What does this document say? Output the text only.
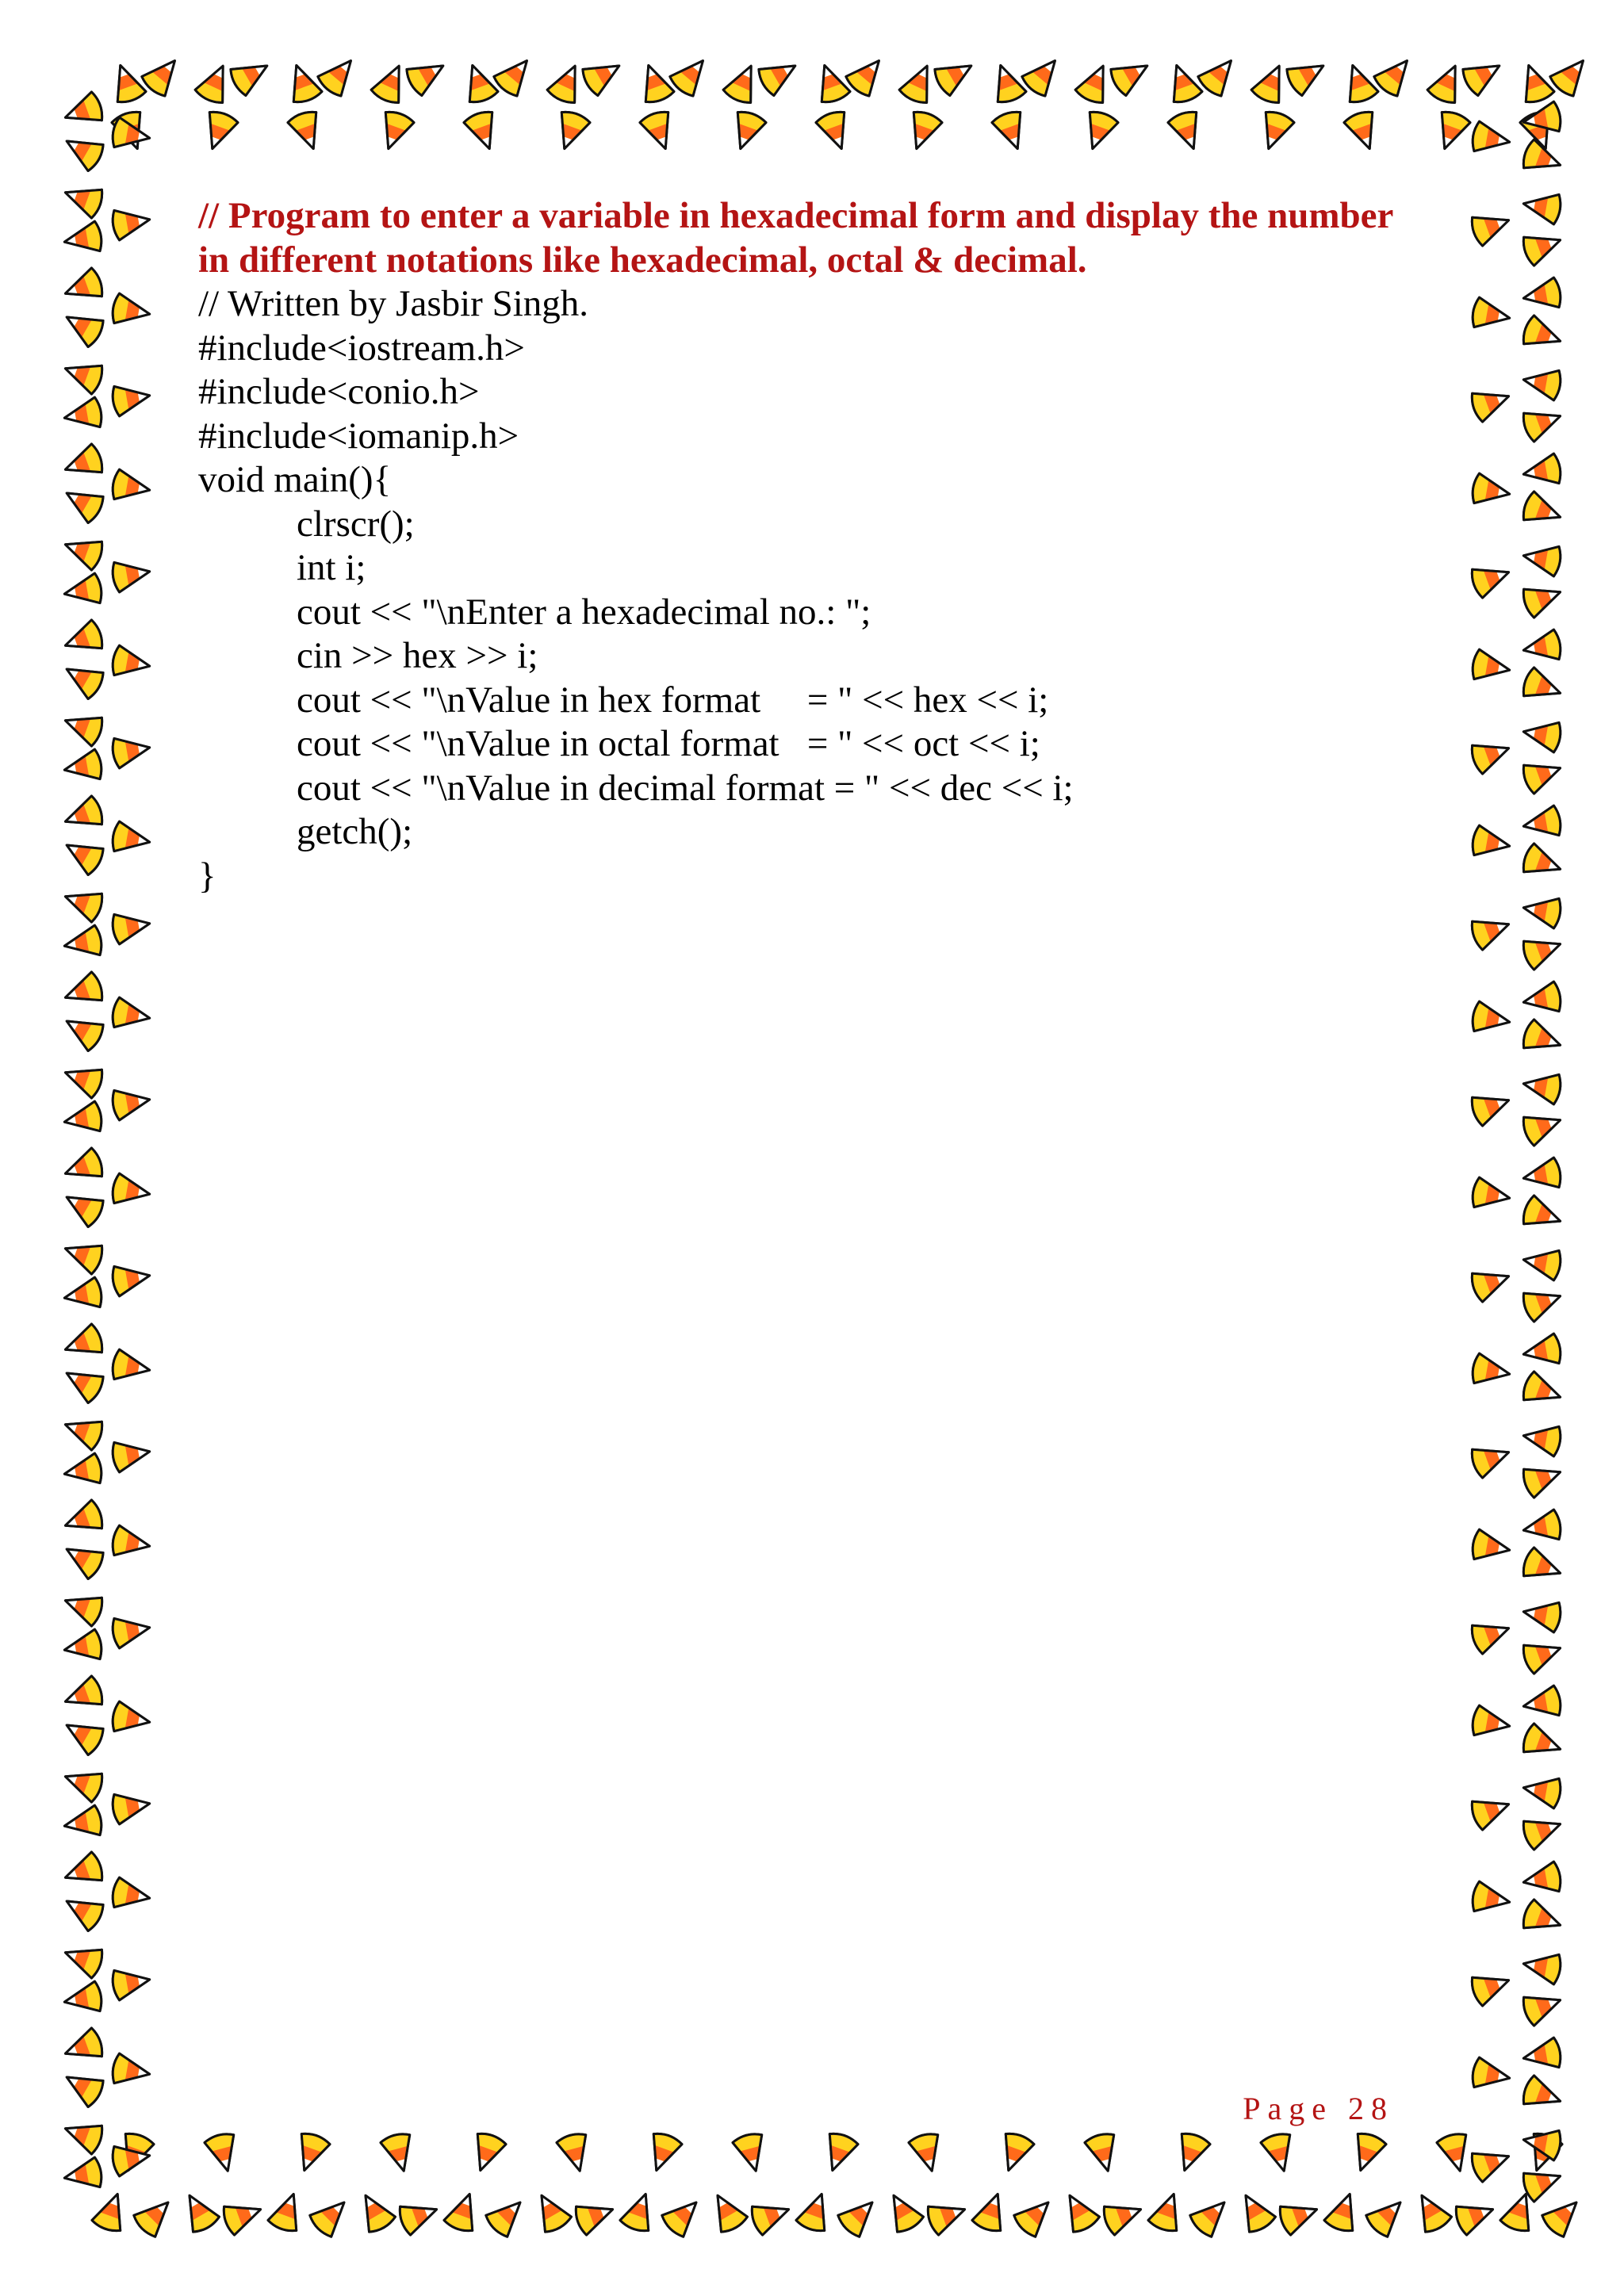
// Program to enter a variable in hexadecimal form and display the number
in different notations like hexadecimal, octal & decimal.
// Written by Jasbir Singh.
#include<iostream.h>
#include<conio.h>
#include<iomanip.h>
void main(){
clrscr();
int i;
cout << "\nEnter a hexadecimal no.: ";
cin >> hex >> i;
cout << "\nValue in hex format     = " << hex << i;
cout << "\nValue in octal format   = " << oct << i;
cout << "\nValue in decimal format = " << dec << i;
getch();
}
Page 28
